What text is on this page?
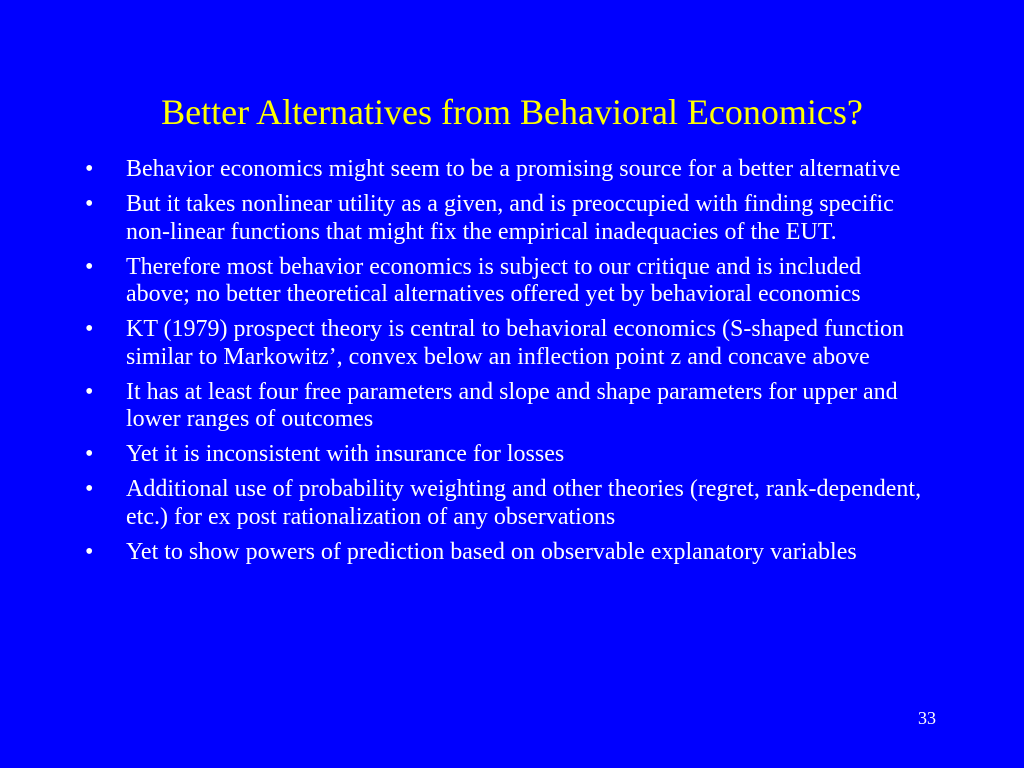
Better Alternatives from Behavioral Economics?
•	Behavior economics might seem to be a promising source for a better alternative
•	But it takes nonlinear utility as a given, and is preoccupied with finding specific non-linear functions that might fix the empirical inadequacies of the EUT.
•	Therefore most behavior economics is subject to our critique and is included above; no better theoretical alternatives offered yet by behavioral economics
•	KT (1979) prospect theory is central to behavioral economics (S-shaped function similar to Markowitz’, convex below an inflection point z and concave above
•	It has at least four free parameters and slope and shape parameters for upper and lower ranges of outcomes
•	Yet it is inconsistent with insurance for losses
•	Additional use of probability weighting and other theories (regret, rank-dependent, etc.) for ex post rationalization of any observations
•	Yet to show powers of prediction based on observable explanatory variables
33
